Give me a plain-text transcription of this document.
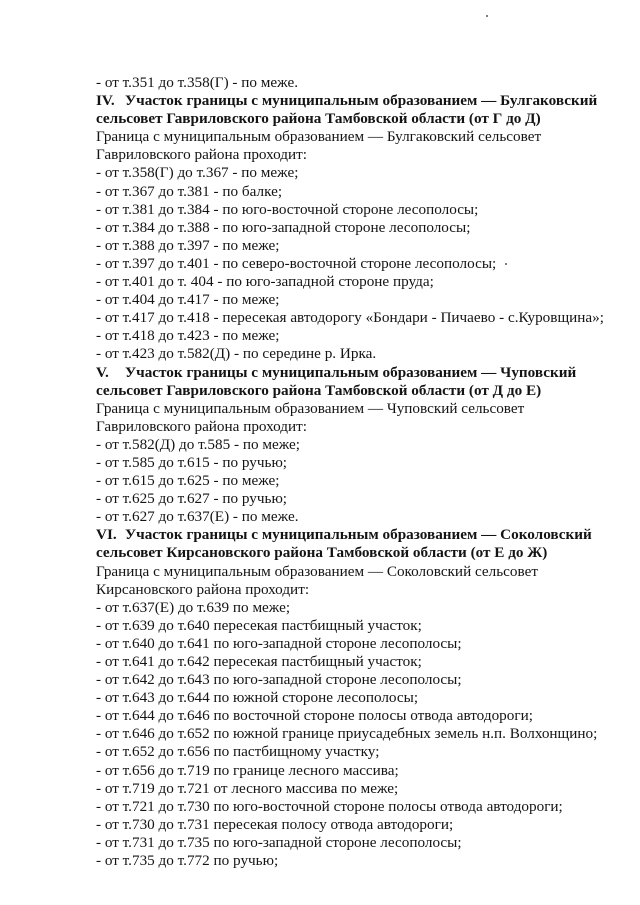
- от т.351 до т.358(Г) - по меже.
IV. Участок границы с муниципальным образованием — Булгаковский
сельсовет Гавриловского района Тамбовской области (от Г до Д)
Граница с муниципальным образованием — Булгаковский сельсовет
Гавриловского района проходит:
- от т.358(Г) до т.367 - по меже;
- от т.367 до т.381 - по балке;
- от т.381 до т.384 - по юго-восточной стороне лесополосы;
- от т.384 до т.388 - по юго-западной стороне лесополосы;
- от т.388 до т.397 - по меже;
- от т.397 до т.401 - по северо-восточной стороне лесополосы;
- от т.401 до т. 404 - по юго-западной стороне пруда;
- от т.404 до т.417 - по меже;
- от т.417 до т.418 - пересекая автодорогу «Бондари - Пичаево - с.Куровщина»;
- от т.418 до т.423 - по меже;
- от т.423 до т.582(Д) - по середине р. Ирка.
V. Участок границы с муниципальным образованием — Чуповский
сельсовет Гавриловского района Тамбовской области (от Д до Е)
Граница с муниципальным образованием — Чуповский сельсовет
Гавриловского района проходит:
- от т.582(Д) до т.585 - по меже;
- от т.585 до т.615 - по ручью;
- от т.615 до т.625 - по меже;
- от т.625 до т.627 - по ручью;
- от т.627 до т.637(Е) - по меже.
VI. Участок границы с муниципальным образованием — Соколовский
сельсовет Кирсановского района Тамбовской области (от Е до Ж)
Граница с муниципальным образованием — Соколовский сельсовет
Кирсановского района проходит:
- от т.637(Е) до т.639 по меже;
- от т.639 до т.640 пересекая пастбищный участок;
- от т.640 до т.641 по юго-западной стороне лесополосы;
- от т.641 до т.642 пересекая пастбищный участок;
- от т.642 до т.643 по юго-западной стороне лесополосы;
- от т.643 до т.644 по южной стороне лесополосы;
- от т.644 до т.646 по восточной стороне полосы отвода автодороги;
- от т.646 до т.652 по южной границе приусадебных земель н.п. Волхонщино;
- от т.652 до т.656 по пастбищному участку;
- от т.656 до т.719 по границе лесного массива;
- от т.719 до т.721 от лесного массива по меже;
- от т.721 до т.730 по юго-восточной стороне полосы отвода автодороги;
- от т.730 до т.731 пересекая полосу отвода автодороги;
- от т.731 до т.735 по юго-западной стороне лесополосы;
- от т.735 до т.772 по ручью;
